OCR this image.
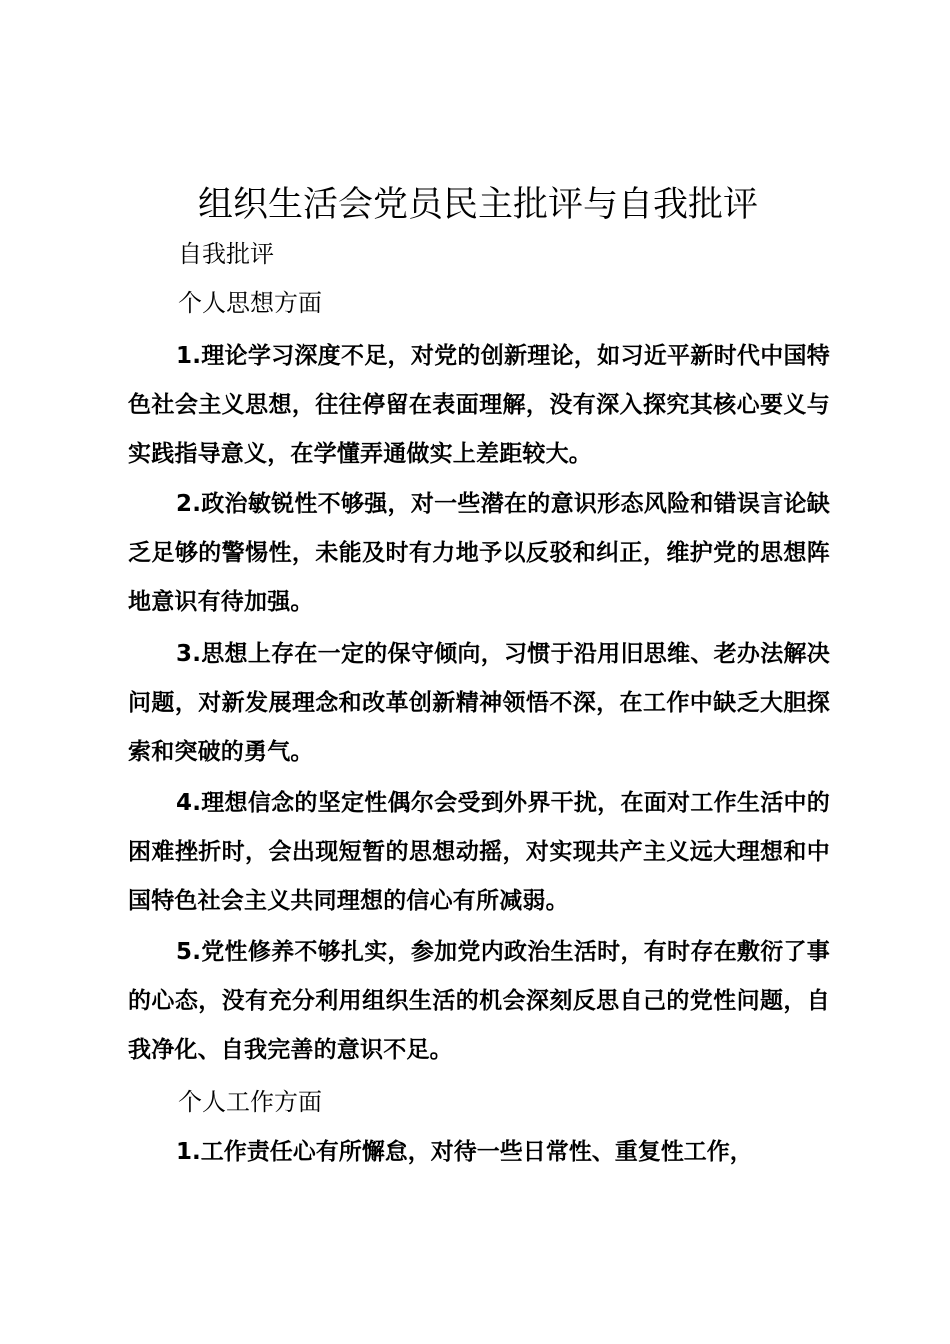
组织生活会党员民主批评与自我批评

自我批评

个人思想方面

1.理论学习深度不足，对党的创新理论，如习近平新时代中国特色社会主义思想，往往停留在表面理解，没有深入探究其核心要义与实践指导意义，在学懂弄通做实上差距较大。

2.政治敏锐性不够强，对一些潜在的意识形态风险和错误言论缺乏足够的警惕性，未能及时有力地予以反驳和纠正，维护党的思想阵地意识有待加强。

3.思想上存在一定的保守倾向，习惯于沿用旧思维、老办法解决问题，对新发展理念和改革创新精神领悟不深，在工作中缺乏大胆探索和突破的勇气。

4.理想信念的坚定性偶尔会受到外界干扰，在面对工作生活中的困难挫折时，会出现短暂的思想动摇，对实现共产主义远大理想和中国特色社会主义共同理想的信心有所减弱。

5.党性修养不够扎实，参加党内政治生活时，有时存在敷衍了事的心态，没有充分利用组织生活的机会深刻反思自己的党性问题，自我净化、自我完善的意识不足。

个人工作方面

1.工作责任心有所懈怠，对待一些日常性、重复性工作，
